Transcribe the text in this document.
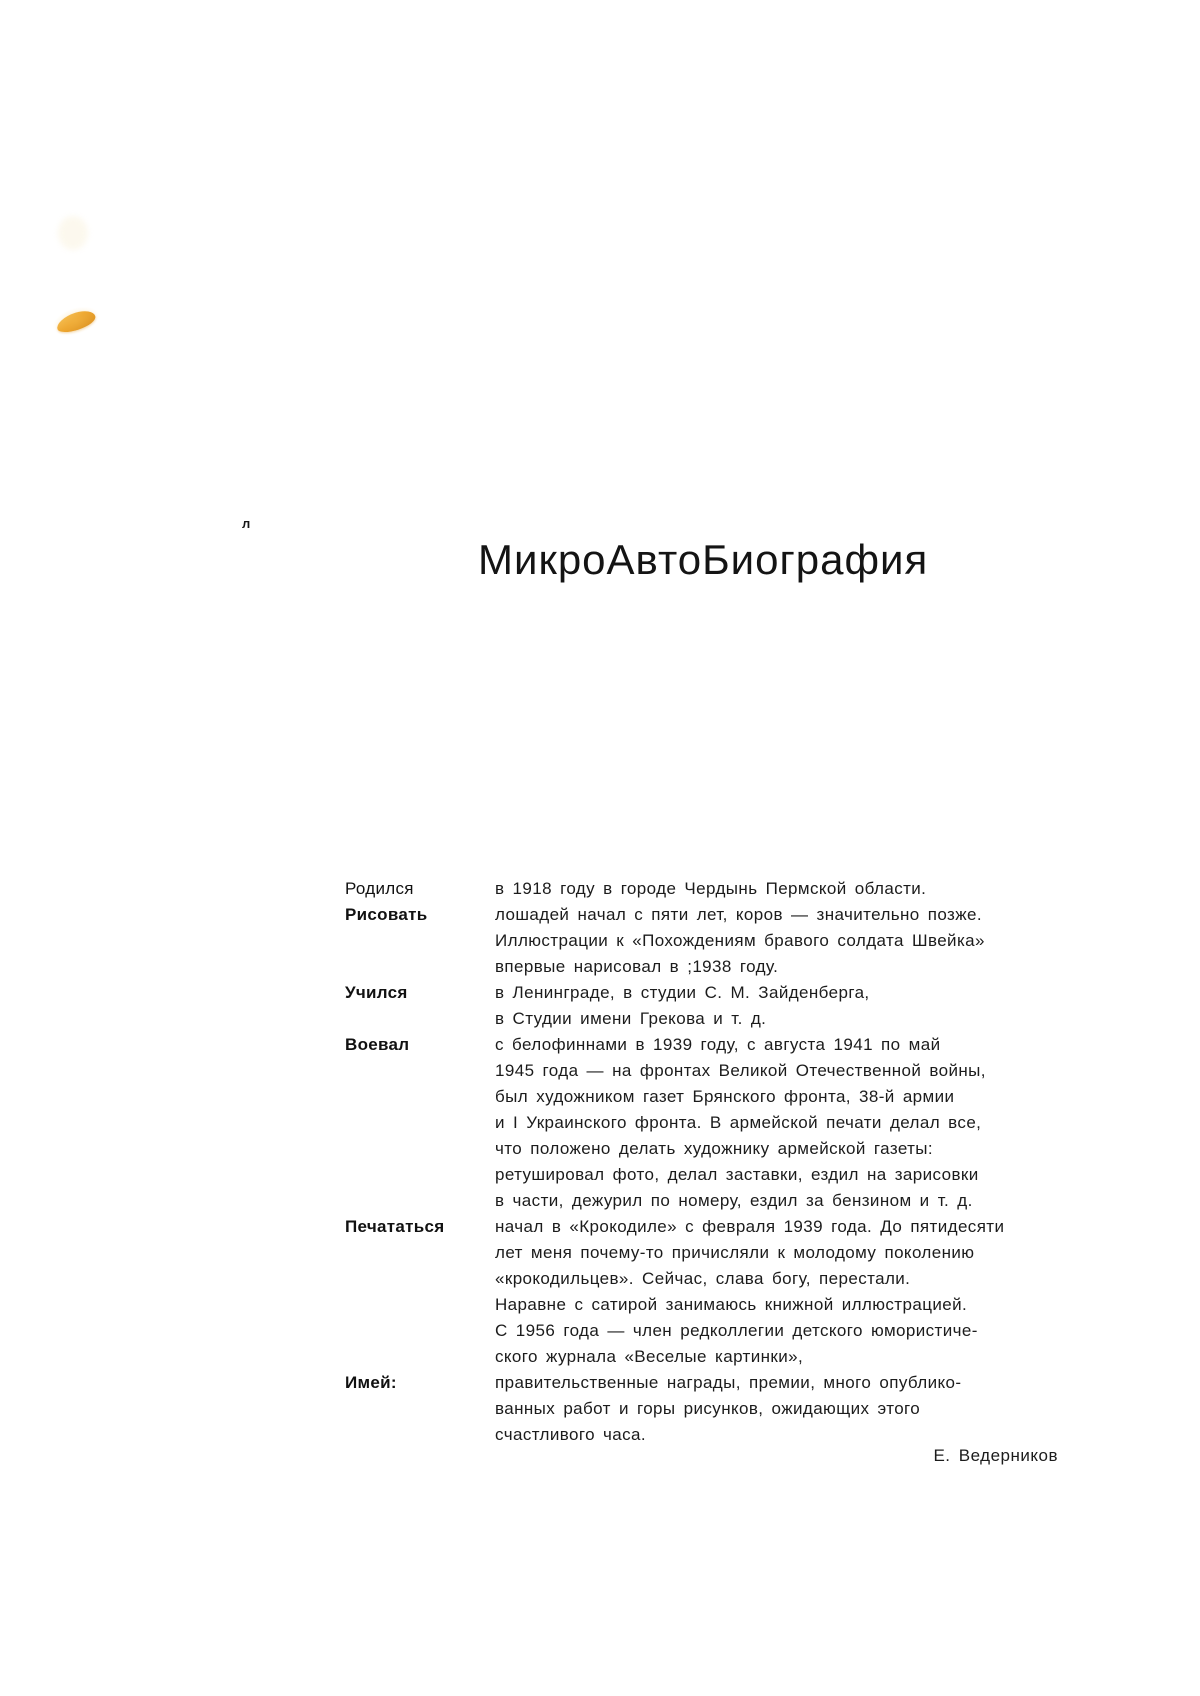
л
МикроАвтоБиография
Родился	в 1918 году в городе Чердынь Пермской области.
Рисовать	лошадей начал с пяти лет, коров — значительно позже.
Иллюстрации к «Похождениям бравого солдата Швейка»
впервые нарисовал в ;1938 году.
Учился	в Ленинграде, в студии С. М. Зайденберга,
в Студии имени Грекова и т. д.
Воевал	с белофиннами в 1939 году, с августа 1941 по май
1945 года — на фронтах Великой Отечественной войны,
был художником газет Брянского фронта, 38-й армии
и I Украинского фронта. В армейской печати делал все,
что положено делать художнику армейской газеты:
ретушировал фото, делал заставки, ездил на зарисовки
в части, дежурил по номеру, ездил за бензином и т. д.
Печататься	начал в «Крокодиле» с февраля 1939 года. До пятидесяти
лет меня почему-то причисляли к молодому поколению
«крокодильцев». Сейчас, слава богу, перестали.
Наравне с сатирой занимаюсь книжной иллюстрацией.
С 1956 года — член редколлегии детского юмористиче-
ского журнала «Веселые картинки»,
Имей:	правительственные награды, премии, много опублико-
ванных работ и горы рисунков, ожидающих этого
счастливого часа.
Е. Ведерников
